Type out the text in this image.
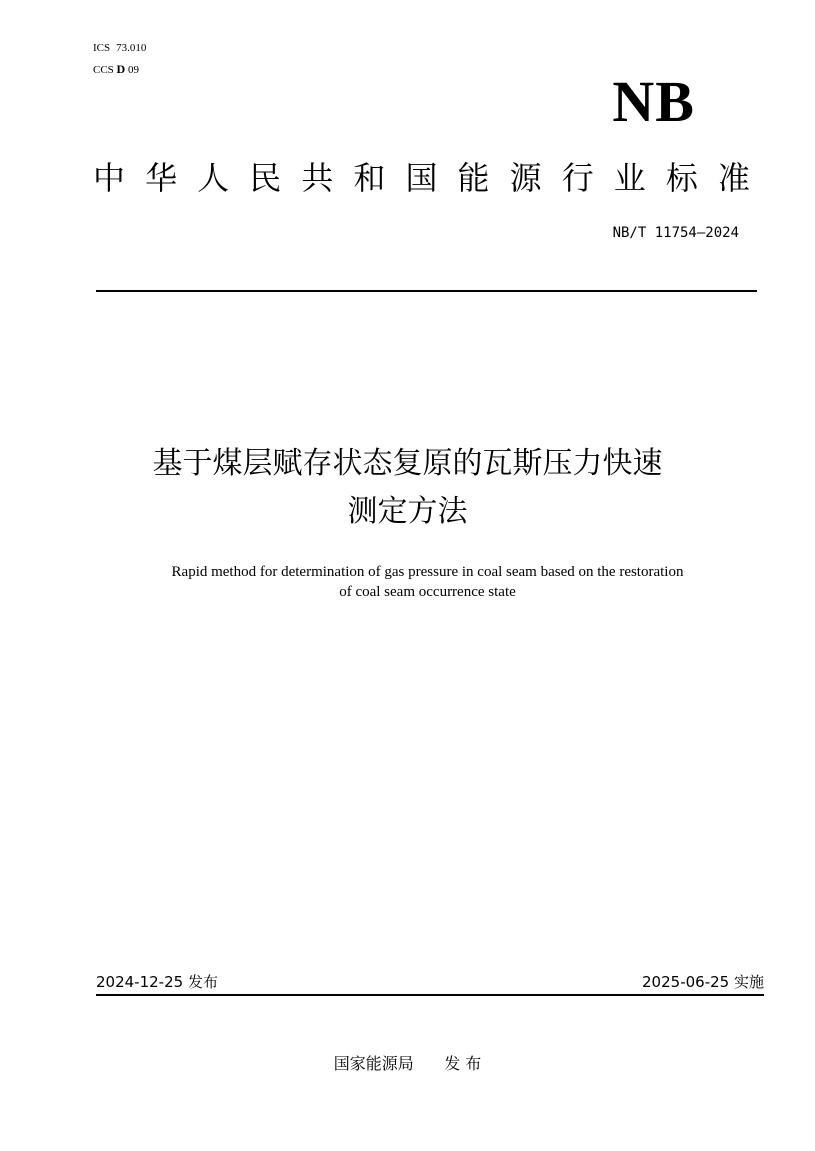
ICS 73.010
CCS D 09	NB
中 华 人 民 共 和 国 能 源 行 业 标 准
NB/T 11754—2024
基于煤层赋存状态复原的瓦斯压力快速
测定方法
Rapid method for determination of gas pressure in coal seam based on the restoration
of coal seam occurrence state
2024-12-25 发布	2025-06-25 实施
国家能源局 发 布
